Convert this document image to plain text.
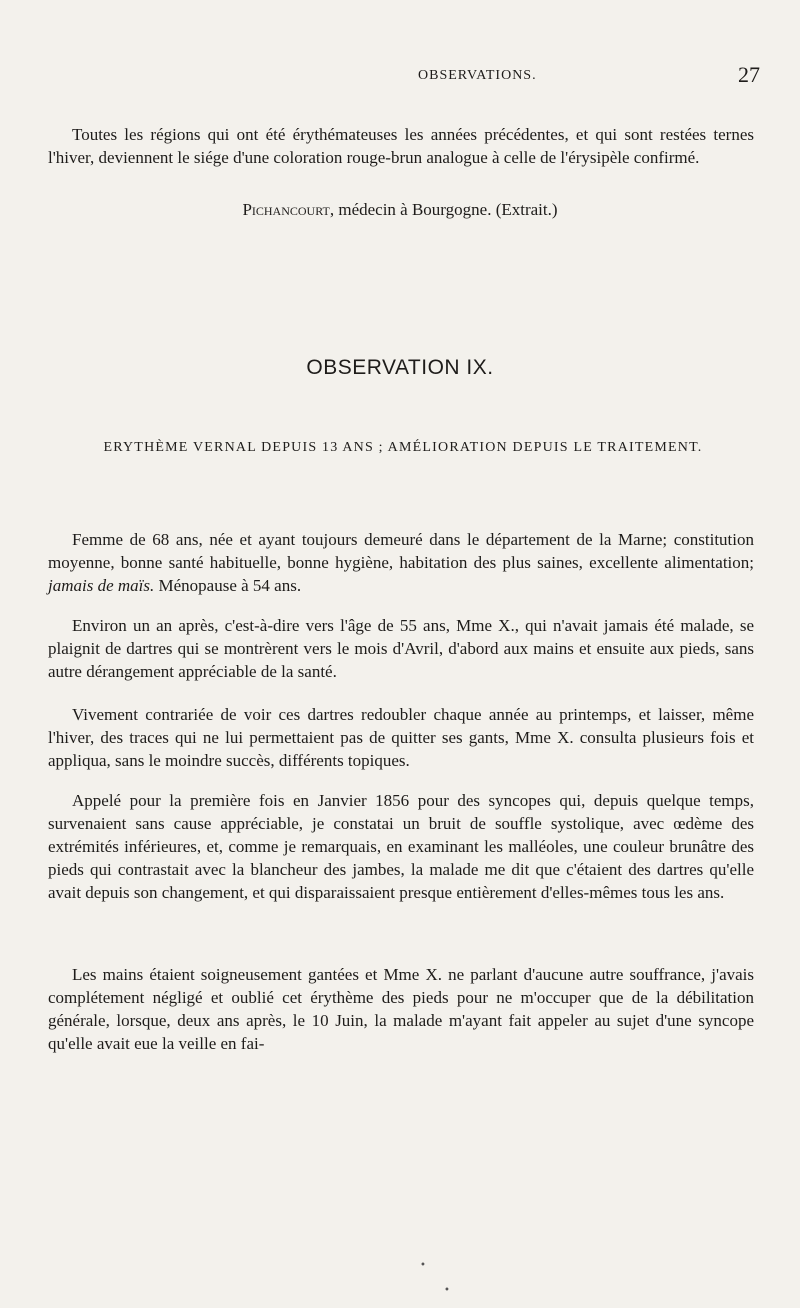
OBSERVATIONS.	27
Toutes les régions qui ont été érythémateuses les années précédentes, et qui sont restées ternes l'hiver, deviennent le siége d'une coloration rouge-brun analogue à celle de l'érysipèle confirmé.
Pichancourt, médecin à Bourgogne. (Extrait.)
OBSERVATION IX.
ERYTHÈME VERNAL DEPUIS 13 ANS ; AMÉLIORATION DEPUIS LE TRAITEMENT.
Femme de 68 ans, née et ayant toujours demeuré dans le département de la Marne; constitution moyenne, bonne santé habituelle, bonne hygiène, habitation des plus saines, excellente alimentation; jamais de maïs. Ménopause à 54 ans.
Environ un an après, c'est-à-dire vers l'âge de 55 ans, Mme X., qui n'avait jamais été malade, se plaignit de dartres qui se montrèrent vers le mois d'Avril, d'abord aux mains et ensuite aux pieds, sans autre dérangement appréciable de la santé.
Vivement contrariée de voir ces dartres redoubler chaque année au printemps, et laisser, même l'hiver, des traces qui ne lui permettaient pas de quitter ses gants, Mme X. consulta plusieurs fois et appliqua, sans le moindre succès, différents topiques.
Appelé pour la première fois en Janvier 1856 pour des syncopes qui, depuis quelque temps, survenaient sans cause appréciable, je constatai un bruit de souffle systolique, avec œdème des extrémités inférieures, et, comme je remarquais, en examinant les malléoles, une couleur brunâtre des pieds qui contrastait avec la blancheur des jambes, la malade me dit que c'étaient des dartres qu'elle avait depuis son changement, et qui disparaissaient presque entièrement d'elles-mêmes tous les ans.
Les mains étaient soigneusement gantées et Mme X. ne parlant d'aucune autre souffrance, j'avais complétement négligé et oublié cet érythème des pieds pour ne m'occuper que de la débilitation générale, lorsque, deux ans après, le 10 Juin, la malade m'ayant fait appeler au sujet d'une syncope qu'elle avait eue la veille en fai-
•
•
